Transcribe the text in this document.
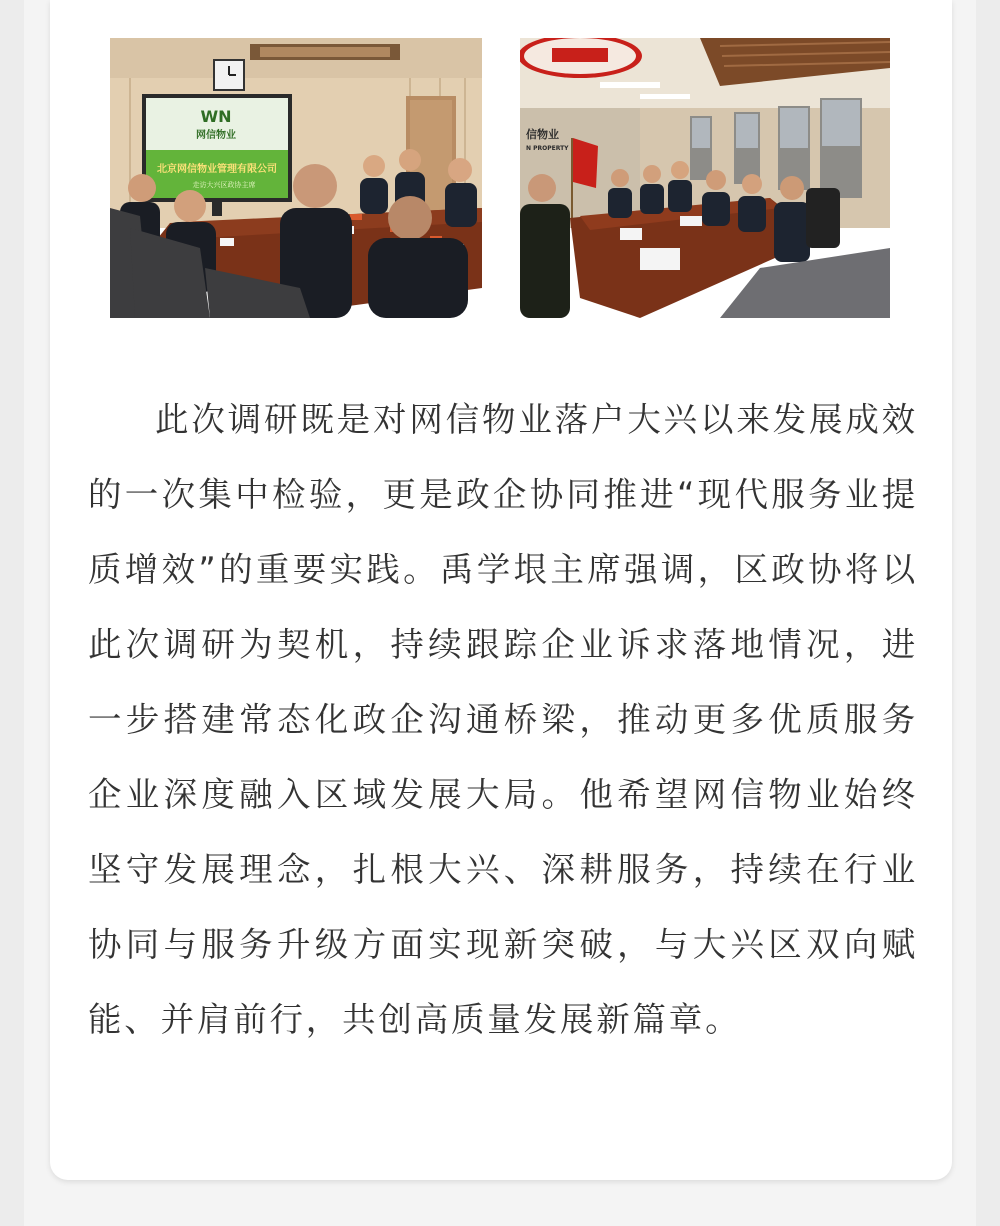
WN
网信物业
北京网信物业管理有限公司
走访大兴区政协主席
信物业
N PROPERTY

此次调研既是对网信物业落户大兴以来发展成效的一次集中检验，更是政企协同推进“现代服务业提质增效”的重要实践。禹学垠主席强调，区政协将以此次调研为契机，持续跟踪企业诉求落地情况，进一步搭建常态化政企沟通桥梁，推动更多优质服务企业深度融入区域发展大局。他希望网信物业始终坚守发展理念，扎根大兴、深耕服务，持续在行业协同与服务升级方面实现新突破，与大兴区双向赋能、并肩前行，共创高质量发展新篇章。
